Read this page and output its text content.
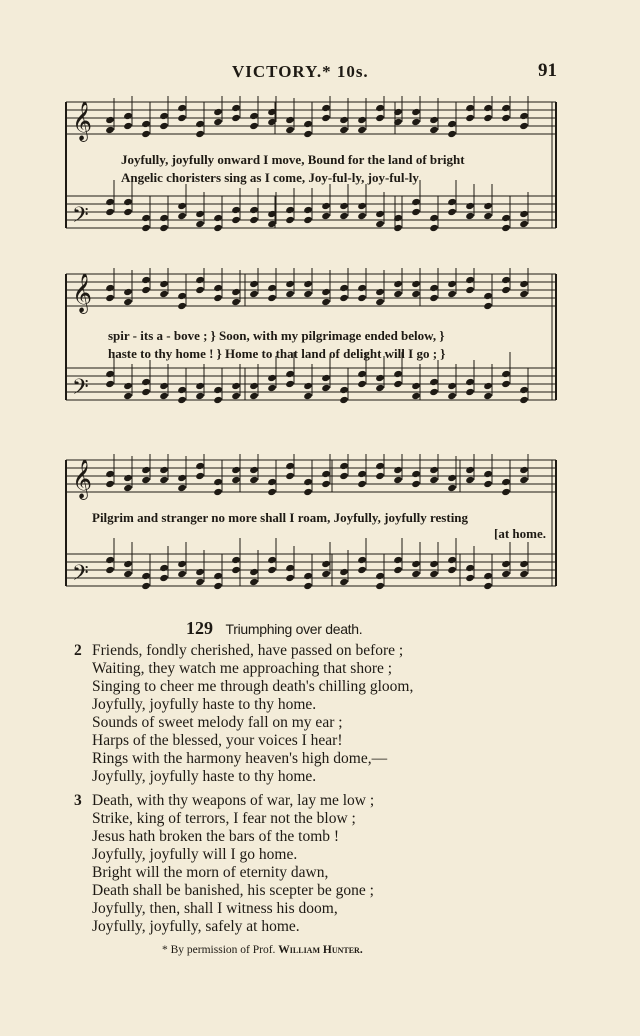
VICTORY.* 10s.	91
𝄞
𝄢
Joyfully, joyfully onward I move, Bound for the land of bright
Angelic choristers sing as I come, Joy-ful-ly, joy-ful-ly
𝄞
𝄢
spir - its a - bove ; } Soon, with my pilgrimage ended below, }
haste to thy home ! } Home to that land of delight will I go ; }
𝄞
𝄢
Pilgrim and stranger no more shall I roam, Joyfully, joyfully resting
[at home.
129 Triumphing over death.
2 Friends, fondly cherished, have passed on before ;
Waiting, they watch me approaching that shore ;
Singing to cheer me through death's chilling gloom,
Joyfully, joyfully haste to thy home.
Sounds of sweet melody fall on my ear ;
Harps of the blessed, your voices I hear!
Rings with the harmony heaven's high dome,—
Joyfully, joyfully haste to thy home.
3 Death, with thy weapons of war, lay me low ;
Strike, king of terrors, I fear not the blow ;
Jesus hath broken the bars of the tomb !
Joyfully, joyfully will I go home.
Bright will the morn of eternity dawn,
Death shall be banished, his scepter be gone ;
Joyfully, then, shall I witness his doom,
Joyfully, joyfully, safely at home.
* By permission of Prof. William Hunter.
